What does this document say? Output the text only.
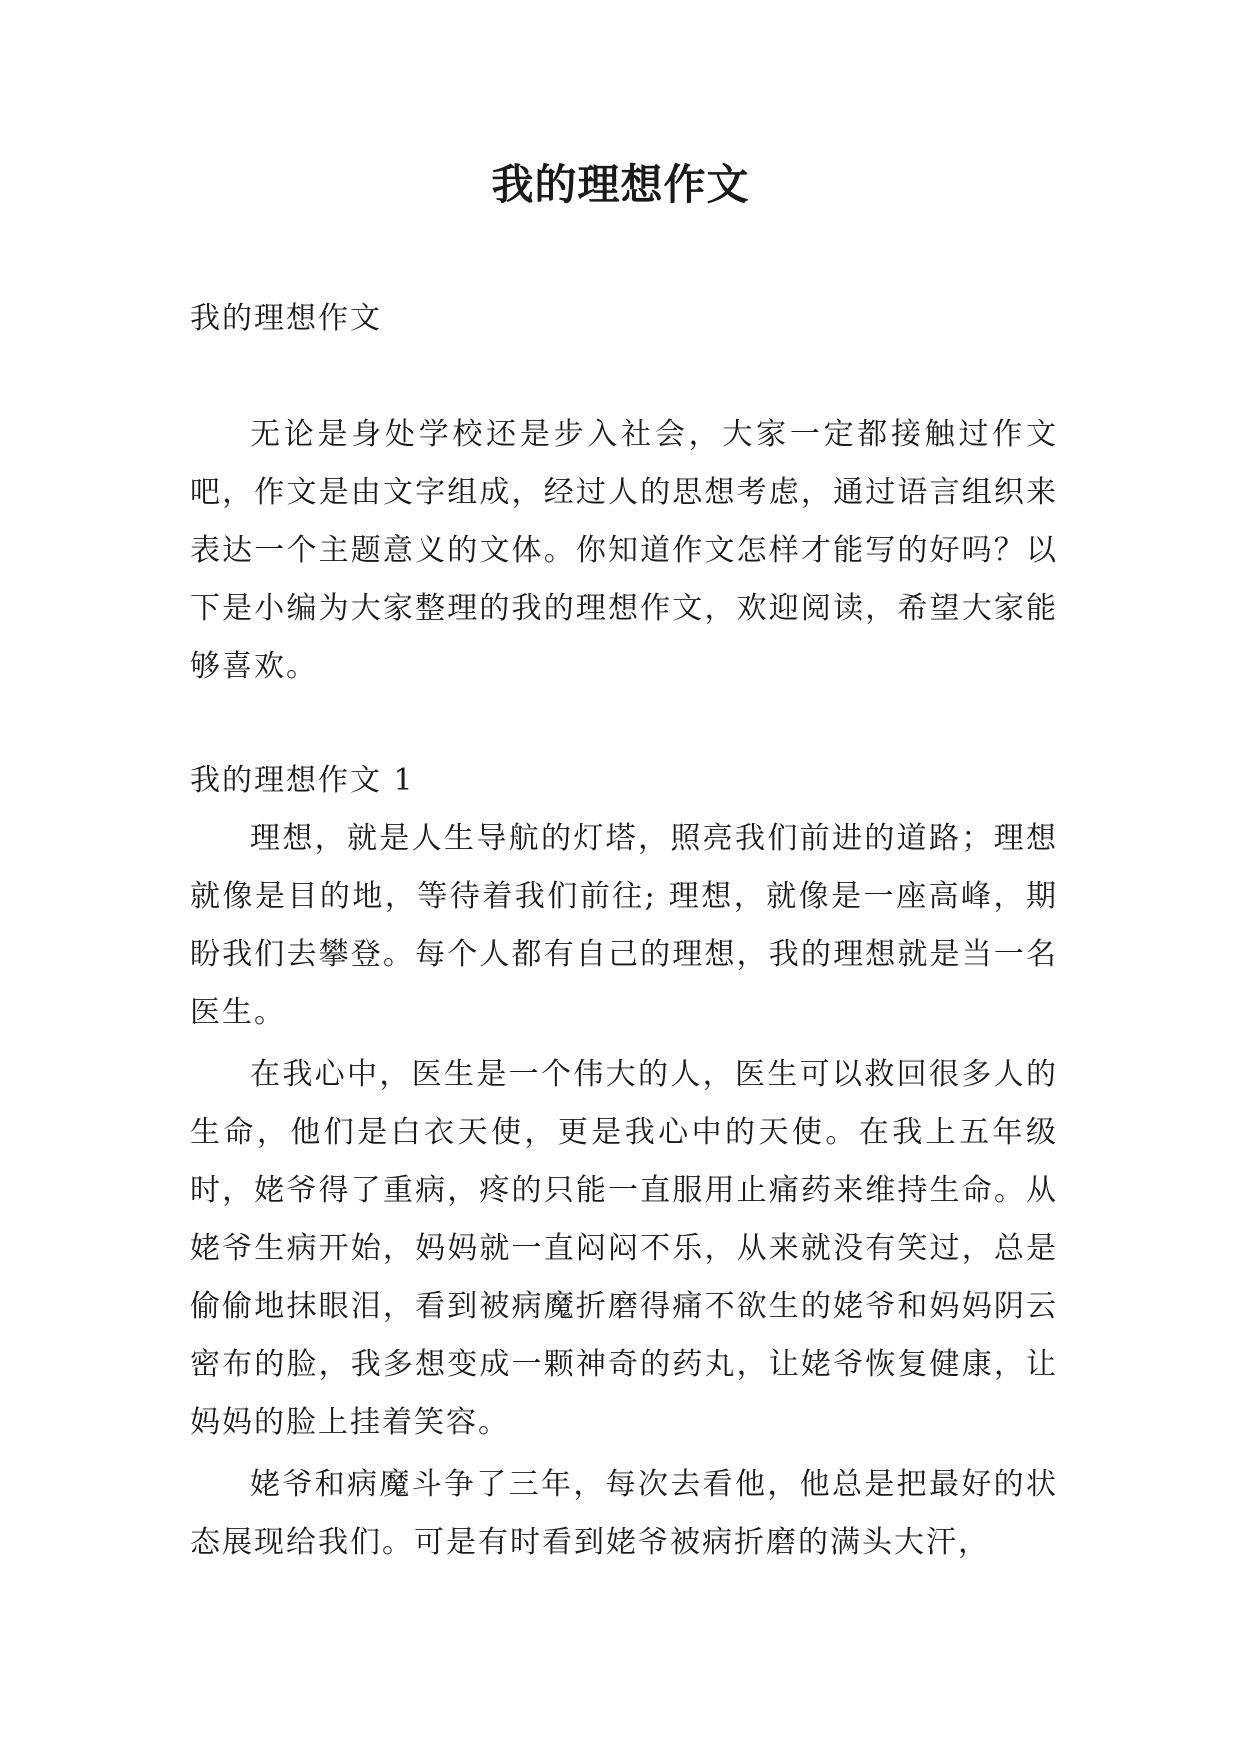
我的理想作文

我的理想作文

无论是身处学校还是步入社会，大家一定都接触过作文吧，作文是由文字组成，经过人的思想考虑，通过语言组织来表达一个主题意义的文体。你知道作文怎样才能写的好吗？以下是小编为大家整理的我的理想作文，欢迎阅读，希望大家能够喜欢。

我的理想作文 1

理想，就是人生导航的灯塔，照亮我们前进的道路；理想就像是目的地，等待着我们前往; 理想，就像是一座高峰，期盼我们去攀登。每个人都有自己的理想，我的理想就是当一名医生。

在我心中，医生是一个伟大的人，医生可以救回很多人的生命，他们是白衣天使，更是我心中的天使。在我上五年级时，姥爷得了重病，疼的只能一直服用止痛药来维持生命。从姥爷生病开始，妈妈就一直闷闷不乐，从来就没有笑过，总是偷偷地抹眼泪，看到被病魔折磨得痛不欲生的姥爷和妈妈阴云密布的脸，我多想变成一颗神奇的药丸，让姥爷恢复健康，让妈妈的脸上挂着笑容。

姥爷和病魔斗争了三年，每次去看他，他总是把最好的状态展现给我们。可是有时看到姥爷被病折磨的满头大汗，
